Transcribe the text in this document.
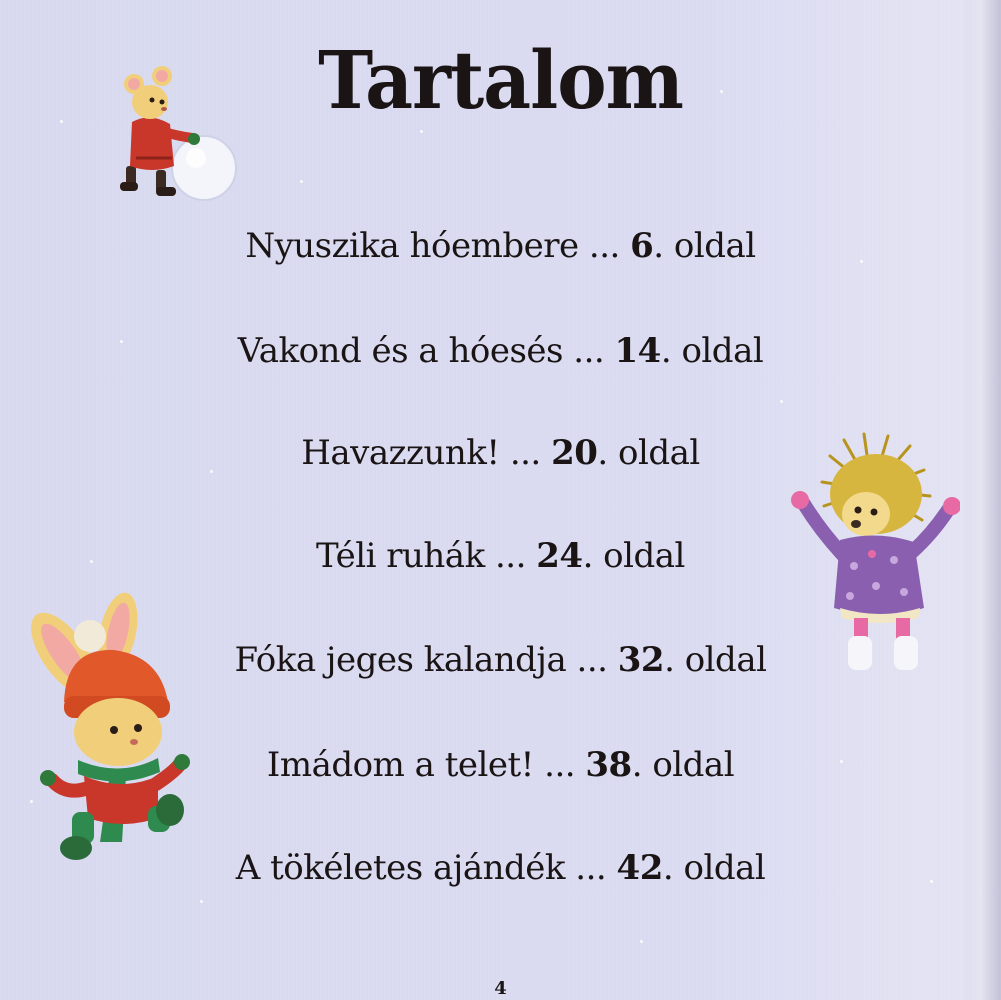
Tartalom
Nyuszika hóembere ... 6. oldal
Vakond és a hóesés ... 14. oldal
Havazzunk! ... 20. oldal
Téli ruhák ... 24. oldal
Fóka jeges kalandja ... 32. oldal
Imádom a telet! ... 38. oldal
A tökéletes ajándék ... 42. oldal
4
